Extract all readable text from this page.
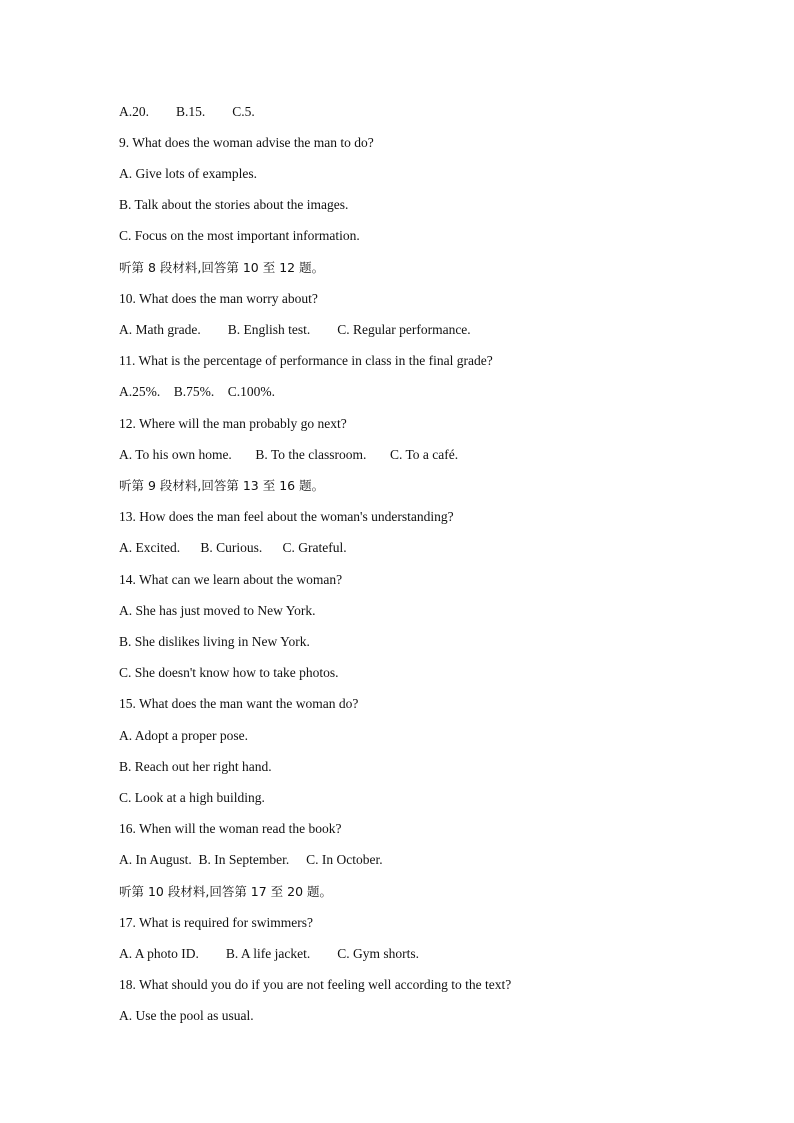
A.20.        B.15.        C.5.
9. What does the woman advise the man to do?
A. Give lots of examples.
B. Talk about the stories about the images.
C. Focus on the most important information.
听第 8 段材料,回答第 10 至 12 题。
10. What does the man worry about?
A. Math grade.        B. English test.        C. Regular performance.
11. What is the percentage of performance in class in the final grade?
A.25%.    B.75%.    C.100%.
12. Where will the man probably go next?
A. To his own home.       B. To the classroom.       C. To a café.
听第 9 段材料,回答第 13 至 16 题。
13. How does the man feel about the woman's understanding?
A. Excited.      B. Curious.      C. Grateful.
14. What can we learn about the woman?
A. She has just moved to New York.
B. She dislikes living in New York.
C. She doesn't know how to take photos.
15. What does the man want the woman do?
A. Adopt a proper pose.
B. Reach out her right hand.
C. Look at a high building.
16. When will the woman read the book?
A. In August.  B. In September.     C. In October.
听第 10 段材料,回答第 17 至 20 题。
17. What is required for swimmers?
A. A photo ID.        B. A life jacket.        C. Gym shorts.
18. What should you do if you are not feeling well according to the text?
A. Use the pool as usual.
